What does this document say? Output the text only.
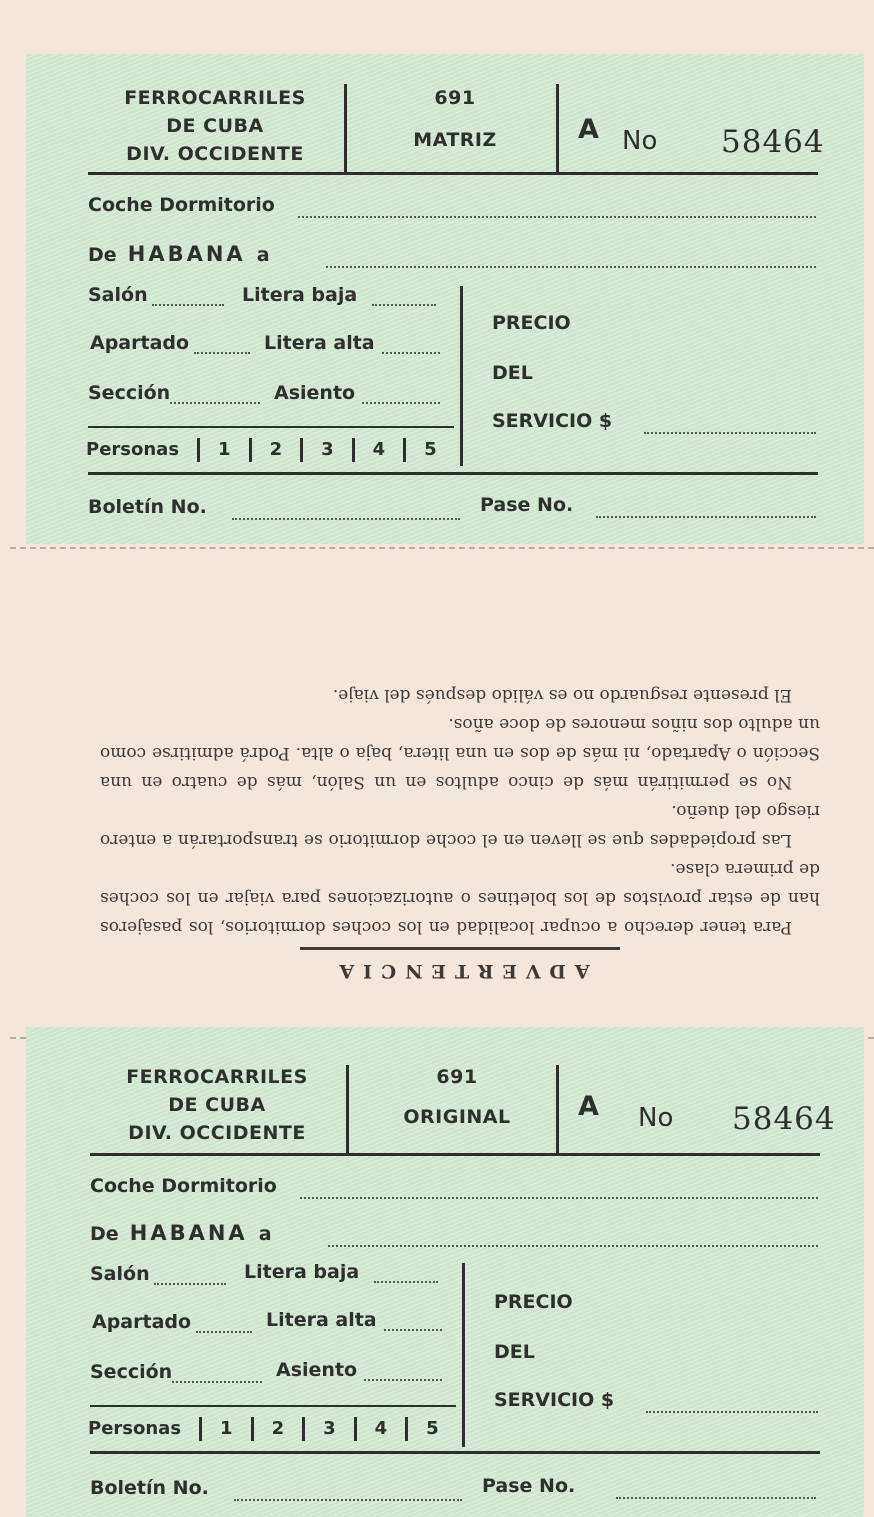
FERROCARRILES
DE CUBA
DIV. OCCIDENTE
691
MATRIZ	A No 58464
Coche Dormitorio
De HABANA a
Salón	Litera baja
Apartado	Litera alta
Sección	Asiento
Personas 1 2 3 4 5
PRECIO
DEL
SERVICIO $
Boletín No.	Pase No.
ADVERTENCIA

Para tener derecho a ocupar localidad en los coches dormitorios, los pasajeros han de estar provistos de los boletines o autorizaciones para viajar en los coches de primera clase.

Las propiedades que se lleven en el coche dormitorio se transportarán a entero riesgo del dueño.

No se permitirán más de cinco adultos en un Salón, más de cuatro en una Sección o Apartado, ni más de dos en una litera, baja o alta. Podrá admitirse como un adulto dos niños menores de doce años.

El presente resguardo no es válido después del viaje.

FERROCARRILES
DE CUBA
DIV. OCCIDENTE
691
ORIGINAL	A No 58464
Coche Dormitorio
De HABANA a
Salón	Litera baja
Apartado	Litera alta
Sección	Asiento
Personas 1 2 3 4 5
PRECIO
DEL
SERVICIO $
Boletín No.	Pase No.
